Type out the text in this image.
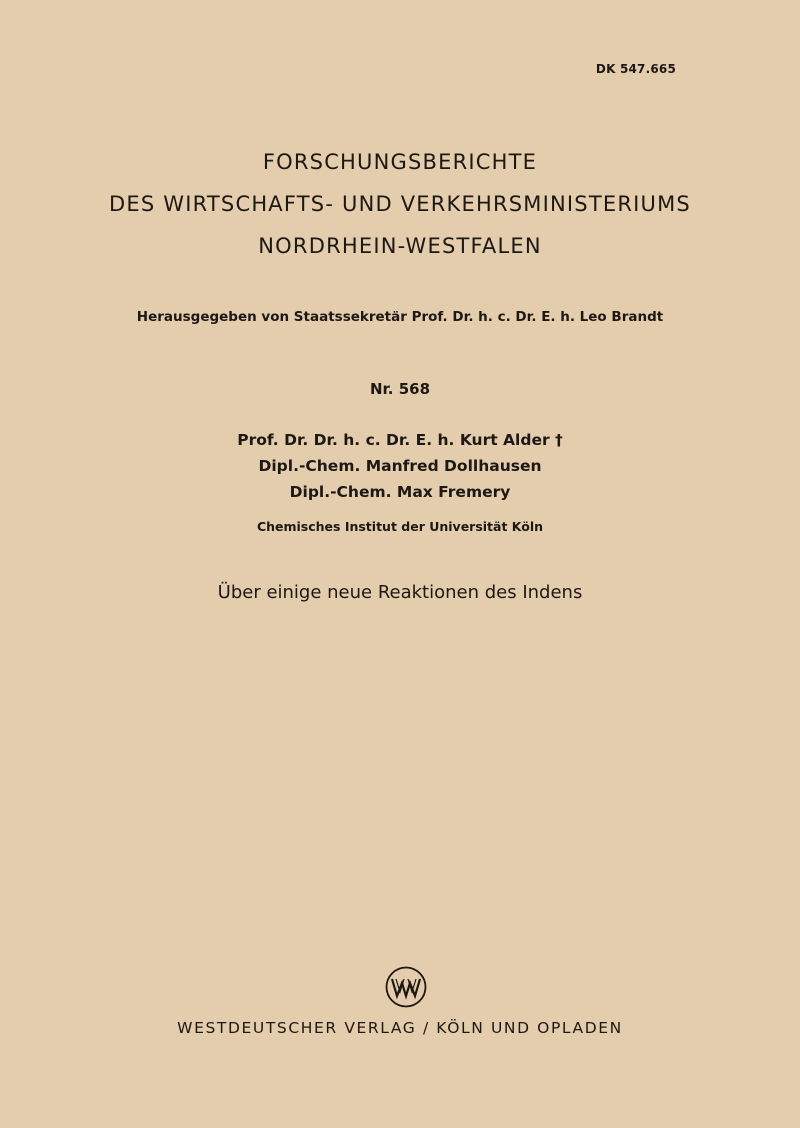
DK 547.665
FORSCHUNGSBERICHTE
DES WIRTSCHAFTS- UND VERKEHRSMINISTERIUMS
NORDRHEIN-WESTFALEN
Herausgegeben von Staatssekretär Prof. Dr. h. c. Dr. E. h. Leo Brandt
Nr. 568
Prof. Dr. Dr. h. c. Dr. E. h. Kurt Alder †
Dipl.-Chem. Manfred Dollhausen
Dipl.-Chem. Max Fremery
Chemisches Institut der Universität Köln
Über einige neue Reaktionen des Indens
WESTDEUTSCHER VERLAG / KÖLN UND OPLADEN
